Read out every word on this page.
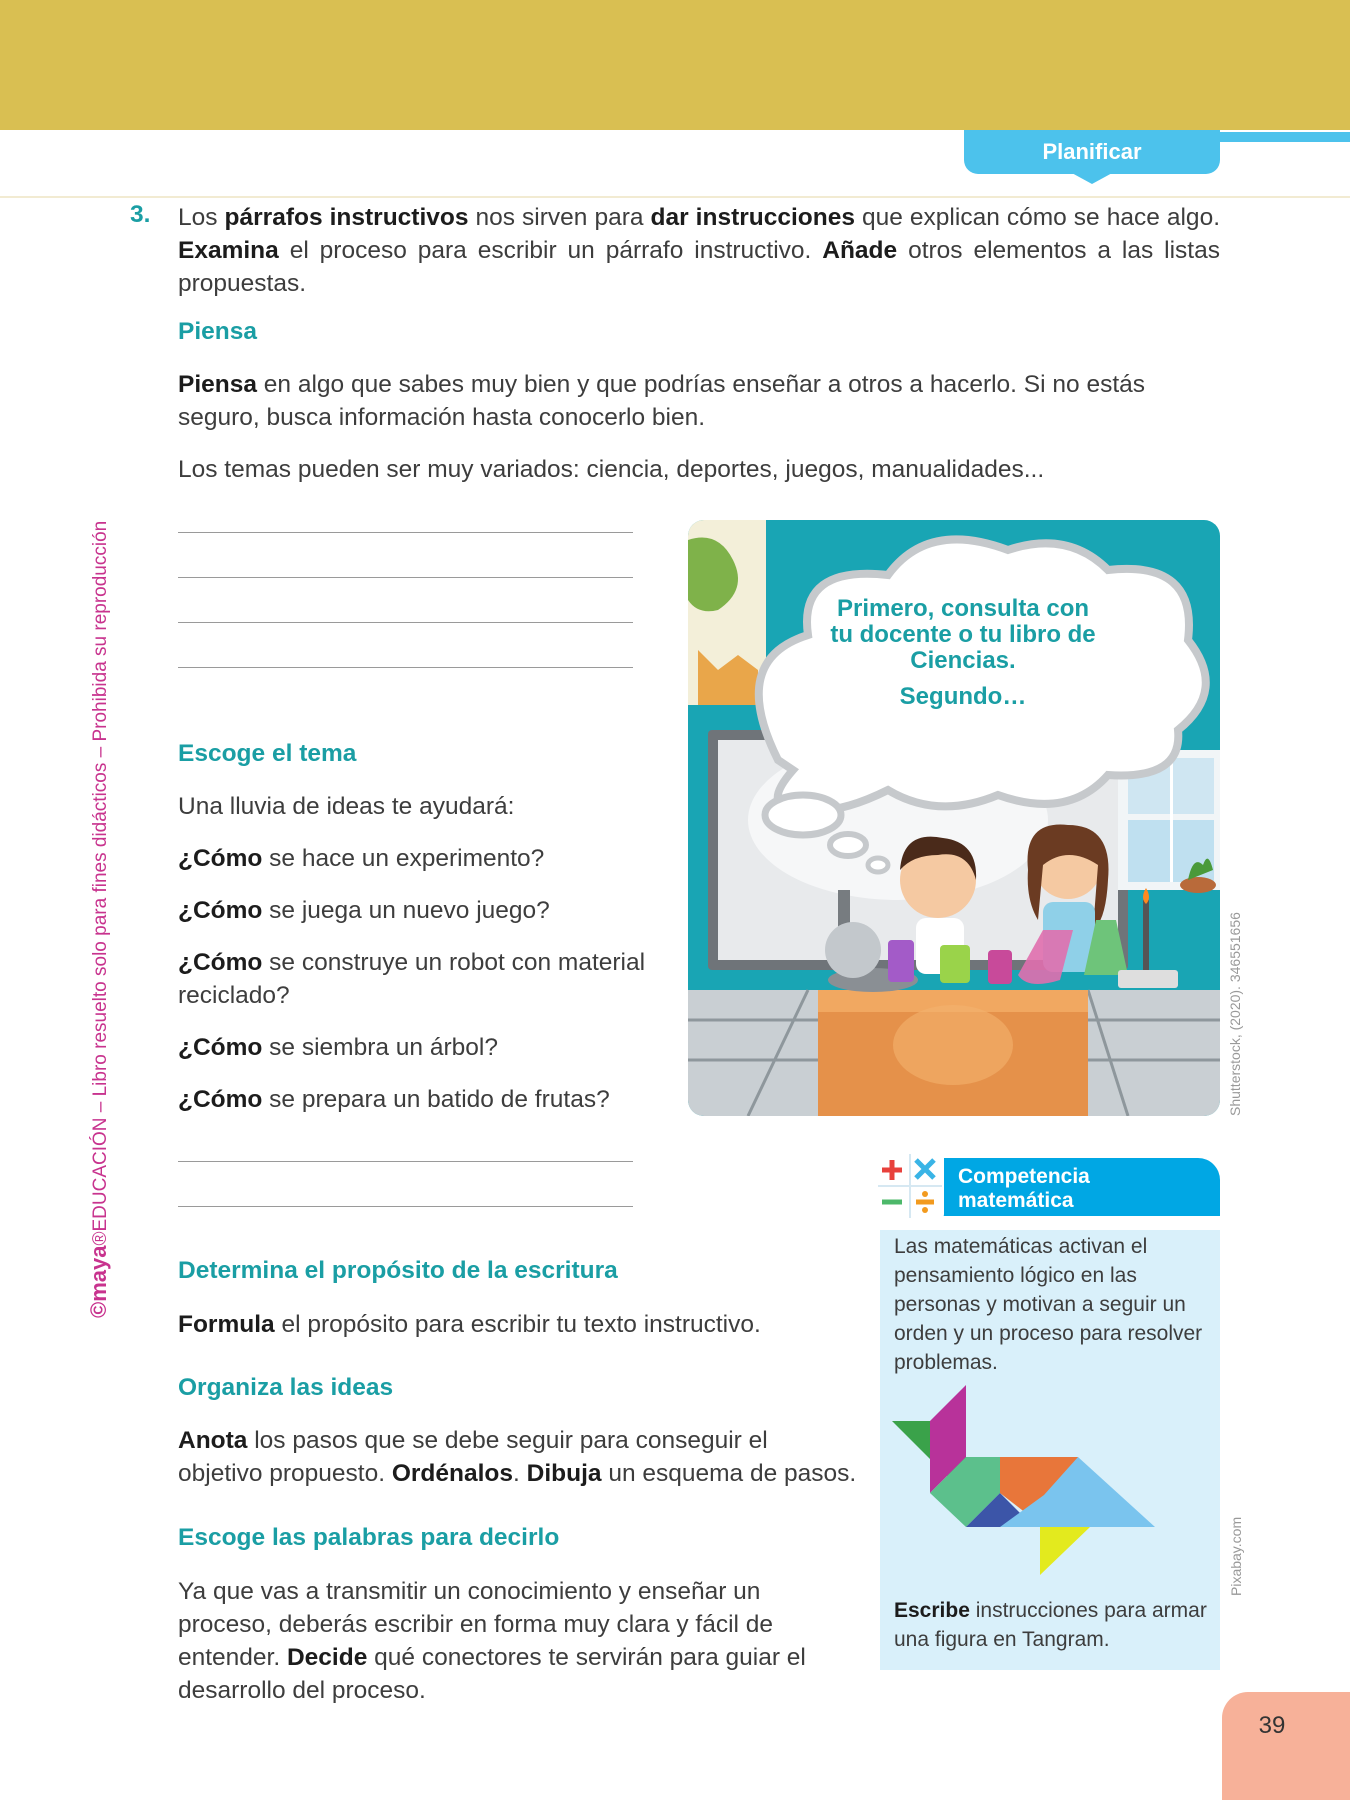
Planificar
©maya®EDUCACIÓN – Libro resuelto solo para fines didácticos – Prohibida su reproducción
3. Los párrafos instructivos nos sirven para dar instrucciones que explican cómo se hace algo. Examina el proceso para escribir un párrafo instructivo. Añade otros elementos a las listas propuestas.
Piensa
Piensa en algo que sabes muy bien y que podrías enseñar a otros a hacerlo. Si no estás seguro, busca información hasta conocerlo bien.
Los temas pueden ser muy variados: ciencia, deportes, juegos, manualidades...
Escoge el tema
Una lluvia de ideas te ayudará:
¿Cómo se hace un experimento?
¿Cómo se juega un nuevo juego?
¿Cómo se construye un robot con material reciclado?
¿Cómo se siembra un árbol?
¿Cómo se prepara un batido de frutas?
Primero, consulta con
tu docente o tu libro de
Ciencias.
Segundo…
Shutterstock, (2020). 346551656
Determina el propósito de la escritura
Formula el propósito para escribir tu texto instructivo.
Organiza las ideas
Anota los pasos que se debe seguir para conseguir el objetivo propuesto. Ordénalos. Dibuja un esquema de pasos.
Escoge las palabras para decirlo
Ya que vas a transmitir un conocimiento y enseñar un proceso, deberás escribir en forma muy clara y fácil de entender. Decide qué conectores te servirán para guiar el desarrollo del proceso.
Competencia
matemática
Las matemáticas activan el pensamiento lógico en las personas y motivan a seguir un orden y un proceso para resolver problemas.
Pixabay.com
Escribe instrucciones para armar una figura en Tangram.
39
